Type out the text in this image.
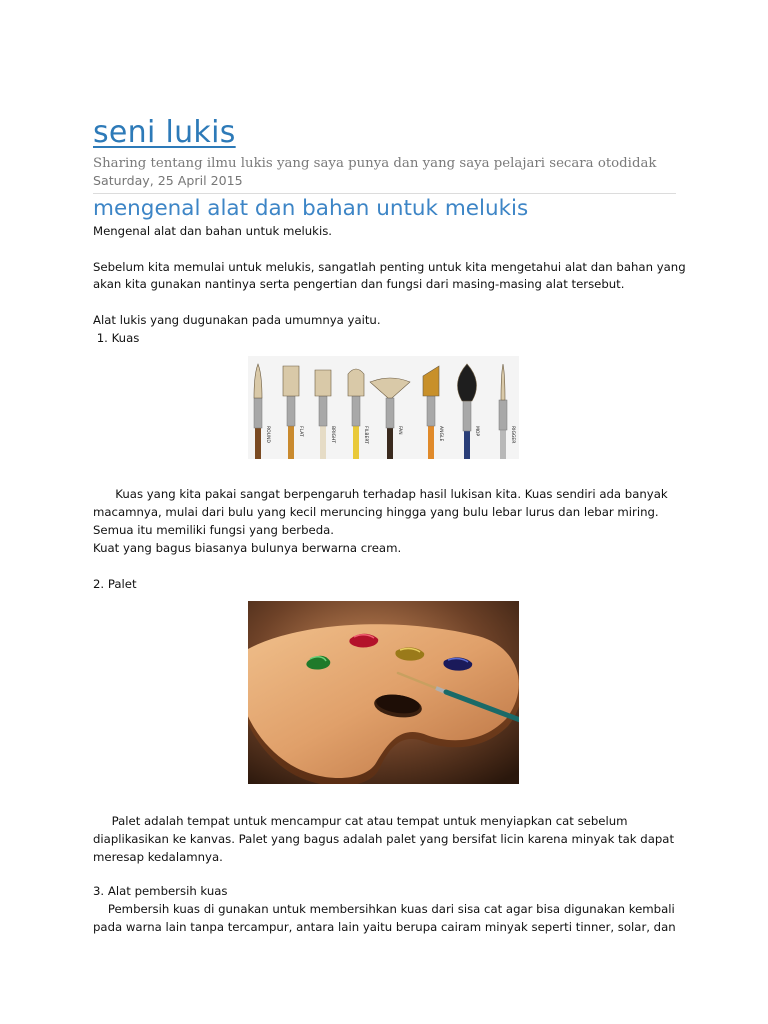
seni lukis
Sharing tentang ilmu lukis yang saya punya dan yang saya pelajari secara otodidak
Saturday, 25 April 2015
mengenal alat dan bahan untuk melukis

Mengenal alat dan bahan untuk melukis.

Sebelum kita memulai untuk melukis, sangatlah penting untuk kita mengetahui alat dan bahan yang

akan kita gunakan nantinya serta pengertian dan fungsi dari masing-masing alat tersebut.

Alat lukis yang dugunakan pada umumnya yaitu.

1. Kuas

ROUND	FLAT	BRIGHT	FILBERT	FAN	ANGLE	MOP	RIGGER

Kuas yang kita pakai sangat berpengaruh terhadap hasil lukisan kita. Kuas sendiri ada banyak

macamnya, mulai dari bulu yang kecil meruncing hingga yang bulu lebar lurus dan lebar miring.

Semua itu memiliki fungsi yang berbeda.

Kuat yang bagus biasanya bulunya berwarna cream.

2. Palet

Palet adalah tempat untuk mencampur cat atau tempat untuk menyiapkan cat sebelum

diaplikasikan ke kanvas. Palet yang bagus adalah palet yang bersifat licin karena minyak tak dapat

meresap kedalamnya.

3. Alat pembersih kuas

Pembersih kuas di gunakan untuk membersihkan kuas dari sisa cat agar bisa digunakan kembali

pada warna lain tanpa tercampur, antara lain yaitu berupa cairam minyak seperti tinner, solar, dan
